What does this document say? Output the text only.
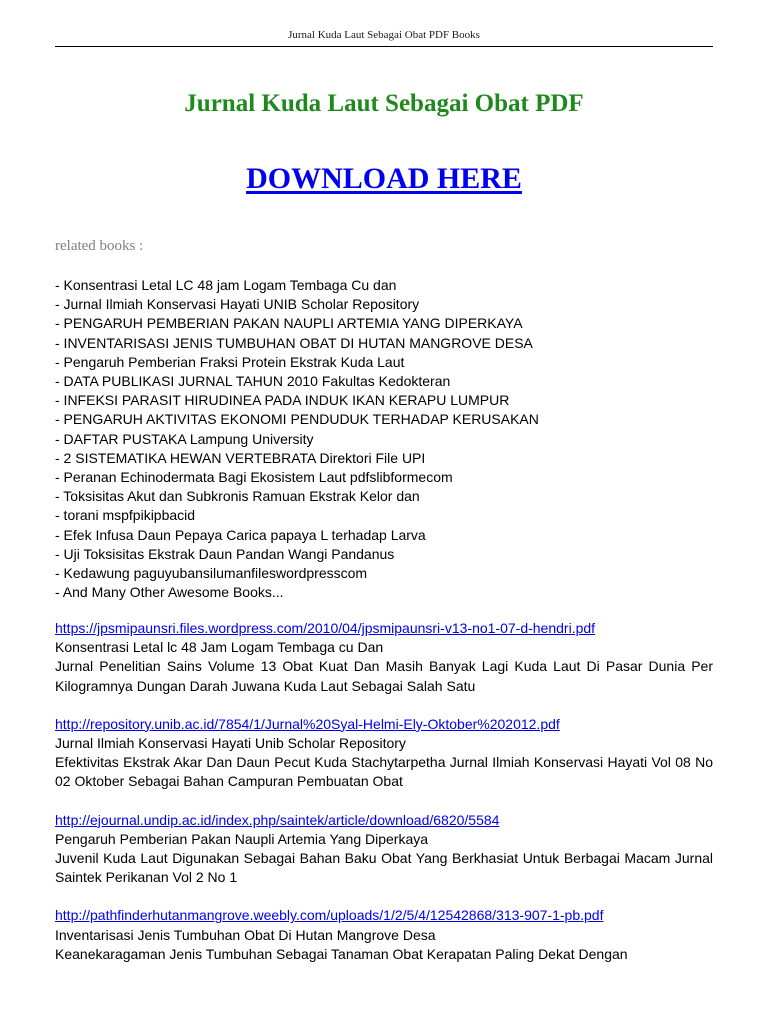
Jurnal Kuda Laut Sebagai Obat PDF Books
Jurnal Kuda Laut Sebagai Obat PDF
DOWNLOAD HERE
related books :
- Konsentrasi Letal LC 48 jam Logam Tembaga Cu dan
- Jurnal Ilmiah Konservasi Hayati UNIB Scholar Repository
- PENGARUH PEMBERIAN PAKAN NAUPLI ARTEMIA YANG DIPERKAYA
- INVENTARISASI JENIS TUMBUHAN OBAT DI HUTAN MANGROVE DESA
- Pengaruh Pemberian Fraksi Protein Ekstrak Kuda Laut
- DATA PUBLIKASI JURNAL TAHUN 2010 Fakultas Kedokteran
- INFEKSI PARASIT HIRUDINEA PADA INDUK IKAN KERAPU LUMPUR
- PENGARUH AKTIVITAS EKONOMI PENDUDUK TERHADAP KERUSAKAN
- DAFTAR PUSTAKA Lampung University
- 2 SISTEMATIKA HEWAN VERTEBRATA Direktori File UPI
- Peranan Echinodermata Bagi Ekosistem Laut pdfslibformecom
- Toksisitas Akut dan Subkronis Ramuan Ekstrak Kelor dan
- torani mspfpikipbacid
- Efek Infusa Daun Pepaya Carica papaya L terhadap Larva
- Uji Toksisitas Ekstrak Daun Pandan Wangi Pandanus
- Kedawung paguyubansilumanfileswordpresscom
- And Many Other Awesome Books...
https://jpsmipaunsri.files.wordpress.com/2010/04/jpsmipaunsri-v13-no1-07-d-hendri.pdf
Konsentrasi Letal lc 48 Jam Logam Tembaga cu Dan
Jurnal Penelitian Sains Volume 13 Obat Kuat Dan Masih Banyak Lagi Kuda Laut Di Pasar Dunia Per Kilogramnya Dungan Darah Juwana Kuda Laut Sebagai Salah Satu
http://repository.unib.ac.id/7854/1/Jurnal%20Syal-Helmi-Ely-Oktober%202012.pdf
Jurnal Ilmiah Konservasi Hayati Unib Scholar Repository
Efektivitas Ekstrak Akar Dan Daun Pecut Kuda Stachytarpetha Jurnal Ilmiah Konservasi Hayati Vol 08 No 02 Oktober Sebagai Bahan Campuran Pembuatan Obat
http://ejournal.undip.ac.id/index.php/saintek/article/download/6820/5584
Pengaruh Pemberian Pakan Naupli Artemia Yang Diperkaya
Juvenil Kuda Laut Digunakan Sebagai Bahan Baku Obat Yang Berkhasiat Untuk Berbagai Macam Jurnal Saintek Perikanan Vol 2 No 1
http://pathfinderhutanmangrove.weebly.com/uploads/1/2/5/4/12542868/313-907-1-pb.pdf
Inventarisasi Jenis Tumbuhan Obat Di Hutan Mangrove Desa
Keanekaragaman Jenis Tumbuhan Sebagai Tanaman Obat Kerapatan Paling Dekat Dengan
